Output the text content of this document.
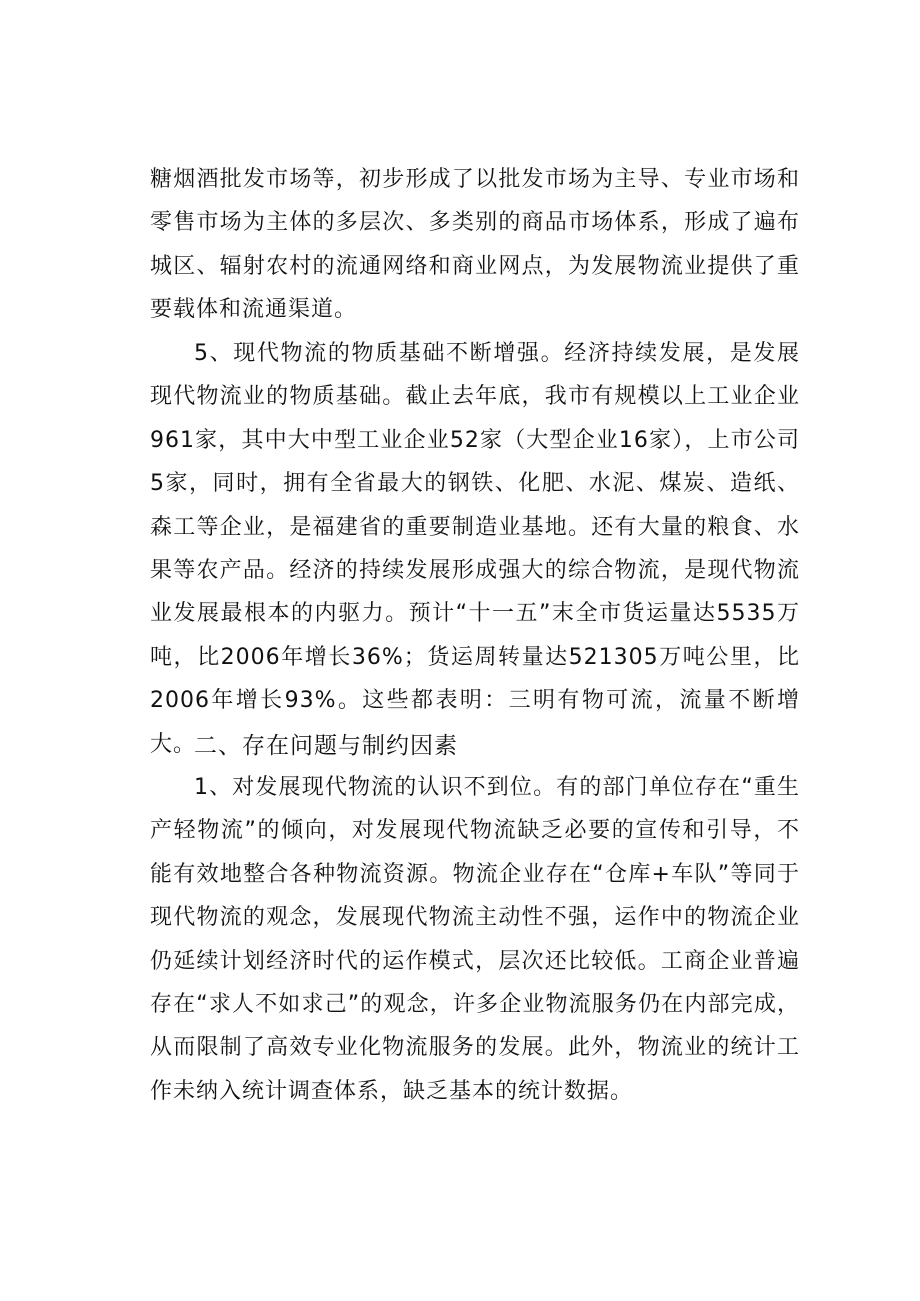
糖烟酒批发市场等，初步形成了以批发市场为主导、专业市场和零售市场为主体的多层次、多类别的商品市场体系，形成了遍布城区、辐射农村的流通网络和商业网点，为发展物流业提供了重要载体和流通渠道。

5、现代物流的物质基础不断增强。经济持续发展，是发展现代物流业的物质基础。截止去年底，我市有规模以上工业企业961家，其中大中型工业企业52家（大型企业16家），上市公司5家，同时，拥有全省最大的钢铁、化肥、水泥、煤炭、造纸、森工等企业，是福建省的重要制造业基地。还有大量的粮食、水果等农产品。经济的持续发展形成强大的综合物流，是现代物流业发展最根本的内驱力。预计“十一五”末全市货运量达5535万吨，比2006年增长36%；货运周转量达521305万吨公里，比2006年增长93%。这些都表明：三明有物可流，流量不断增大。

二、存在问题与制约因素

1、对发展现代物流的认识不到位。有的部门单位存在“重生产轻物流”的倾向，对发展现代物流缺乏必要的宣传和引导，不能有效地整合各种物流资源。物流企业存在“仓库+车队”等同于现代物流的观念，发展现代物流主动性不强，运作中的物流企业仍延续计划经济时代的运作模式，层次还比较低。工商企业普遍存在“求人不如求己”的观念，许多企业物流服务仍在内部完成，从而限制了高效专业化物流服务的发展。此外，物流业的统计工作未纳入统计调查体系，缺乏基本的统计数据。
